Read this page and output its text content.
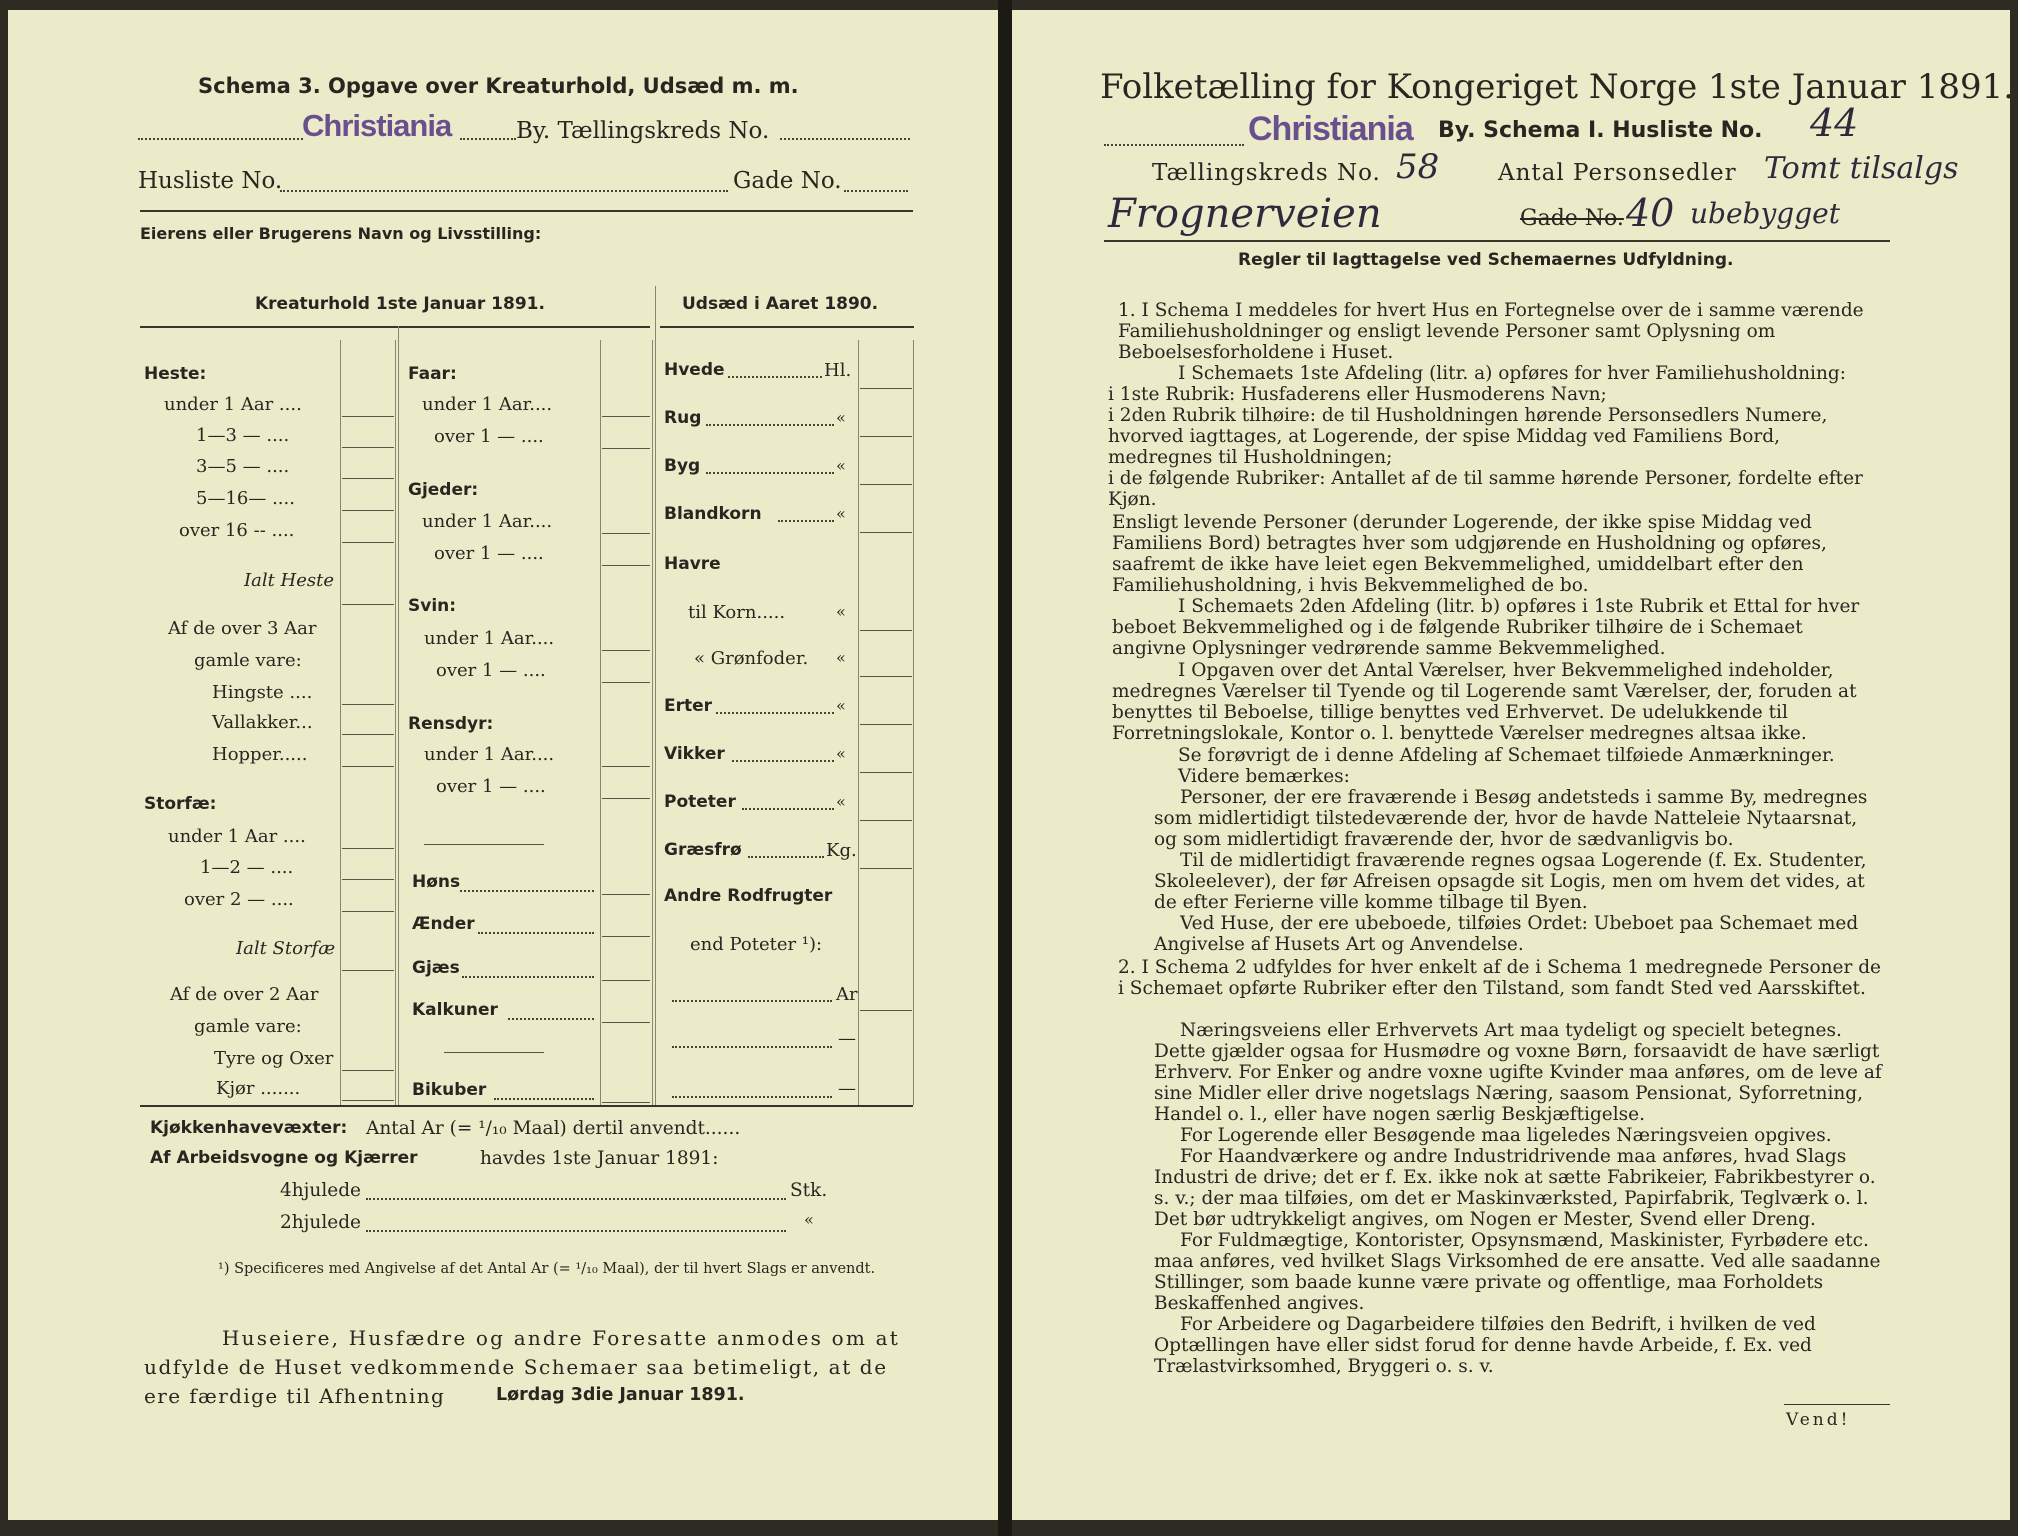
Schema 3. Opgave over Kreaturhold, Udsæd m. m.
Christiania	By. Tællingskreds No.
Husliste No.	Gade No.
Eierens eller Brugerens Navn og Livsstilling:
Kreaturhold 1ste Januar 1891.	Udsæd i Aaret 1890.
Heste:
under 1 Aar ....
1—3 — ....
3—5 — ....
5—16— ....
over 16 -- ....
Ialt Heste
Af de over 3 Aar
gamle vare:
Hingste ....
Vallakker...
Hopper.....
Storfæ:
under 1 Aar ....
1—2 — ....
over 2 — ....
Ialt Storfæ
Af de over 2 Aar
gamle vare:
Tyre og Oxer
Kjør .......
Faar:
under 1 Aar....
over 1 — ....
Gjeder:
under 1 Aar....
over 1 — ....
Svin:
under 1 Aar....
over 1 — ....
Rensdyr:
under 1 Aar....
over 1 — ....
Høns
Ænder
Gjæs
Kalkuner
Bikuber
Hvede	Hl.
Rug	«
Byg	«
Blandkorn	«
Havre
til Korn.....	«
« Grønfoder. «
Erter	«
Vikker	«
Poteter	«
Græsfrø	Kg.
Andre Rodfrugter
end Poteter ¹):
Ar
—
—
Kjøkkenhavevæxter: Antal Ar (= ¹/₁₀ Maal) dertil anvendt......
Af Arbeidsvogne og Kjærrer	havdes 1ste Januar 1891:
4hjulede	Stk.
2hjulede	«
¹) Specificeres med Angivelse af det Antal Ar (= ¹/₁₀ Maal), der til hvert Slags er anvendt.
Huseiere, Husfædre og andre Foresatte anmodes om at
udfylde de Huset vedkommende Schemaer saa betimeligt, at de
ere færdige til Afhentning	Lørdag 3die Januar 1891.
Folketælling for Kongeriget Norge 1ste Januar 1891.
Christiania By. Schema I. Husliste No. 44
Tællingskreds No. 58	Antal Personsedler Tomt tilsalgs
Frognerveien	Gade No. 40 ubebygget
Regler til Iagttagelse ved Schemaernes Udfyldning.
1. I Schema I meddeles for hvert Hus en Fortegnelse over de i samme værende Familiehusholdninger og ensligt levende Personer samt Oplysning om Beboelsesforholdene i Huset.
I Schemaets 1ste Afdeling (litr. a) opføres for hver Familiehusholdning:
i 1ste Rubrik: Husfaderens eller Husmoderens Navn;
i 2den Rubrik tilhøire: de til Husholdningen hørende Personsedlers Numere, hvorved iagttages, at Logerende, der spise Middag ved Familiens Bord, medregnes til Husholdningen;
i de følgende Rubriker: Antallet af de til samme hørende Personer, fordelte efter Kjøn.
Ensligt levende Personer (derunder Logerende, der ikke spise Middag ved Familiens Bord) betragtes hver som udgjørende en Husholdning og opføres, saafremt de ikke have leiet egen Bekvemmelighed, umiddelbart efter den Familiehusholdning, i hvis Bekvemmelighed de bo.
I Schemaets 2den Afdeling (litr. b) opføres i 1ste Rubrik et Ettal for hver beboet Bekvemmelighed og i de følgende Rubriker tilhøire de i Schemaet angivne Oplysninger vedrørende samme Bekvemmelighed.
I Opgaven over det Antal Værelser, hver Bekvemmelighed indeholder, medregnes Værelser til Tyende og til Logerende samt Værelser, der, foruden at benyttes til Beboelse, tillige benyttes ved Erhvervet. De udelukkende til Forretningslokale, Kontor o. l. benyttede Værelser medregnes altsaa ikke.
Se forøvrigt de i denne Afdeling af Schemaet tilføiede Anmærkninger.
Videre bemærkes:
Personer, der ere fraværende i Besøg andetsteds i samme By, medregnes som midlertidigt tilstedeværende der, hvor de havde Natteleie Nytaarsnat, og som midlertidigt fraværende der, hvor de sædvanligvis bo.
Til de midlertidigt fraværende regnes ogsaa Logerende (f. Ex. Studenter, Skoleelever), der før Afreisen opsagde sit Logis, men om hvem det vides, at de efter Ferierne ville komme tilbage til Byen.
Ved Huse, der ere ubeboede, tilføies Ordet: Ubeboet paa Schemaet med Angivelse af Husets Art og Anvendelse.
2. I Schema 2 udfyldes for hver enkelt af de i Schema 1 medregnede Personer de i Schemaet opførte Rubriker efter den Tilstand, som fandt Sted ved Aarsskiftet.
Næringsveiens eller Erhvervets Art maa tydeligt og specielt betegnes. Dette gjælder ogsaa for Husmødre og voxne Børn, forsaavidt de have særligt Erhverv. For Enker og andre voxne ugifte Kvinder maa anføres, om de leve af sine Midler eller drive nogetslags Næring, saasom Pensionat, Syforretning, Handel o. l., eller have nogen særlig Beskjæftigelse.
For Logerende eller Besøgende maa ligeledes Næringsveien opgives.
For Haandværkere og andre Industridrivende maa anføres, hvad Slags Industri de drive; det er f. Ex. ikke nok at sætte Fabrikeier, Fabrikbestyrer o. s. v.; der maa tilføies, om det er Maskinværksted, Papirfabrik, Teglværk o. l. Det bør udtrykkeligt angives, om Nogen er Mester, Svend eller Dreng.
For Fuldmægtige, Kontorister, Opsynsmænd, Maskinister, Fyrbødere etc. maa anføres, ved hvilket Slags Virksomhed de ere ansatte. Ved alle saadanne Stillinger, som baade kunne være private og offentlige, maa Forholdets Beskaffenhed angives.
For Arbeidere og Dagarbeidere tilføies den Bedrift, i hvilken de ved Optællingen have eller sidst forud for denne havde Arbeide, f. Ex. ved Trælastvirksomhed, Bryggeri o. s. v.
Vend!
